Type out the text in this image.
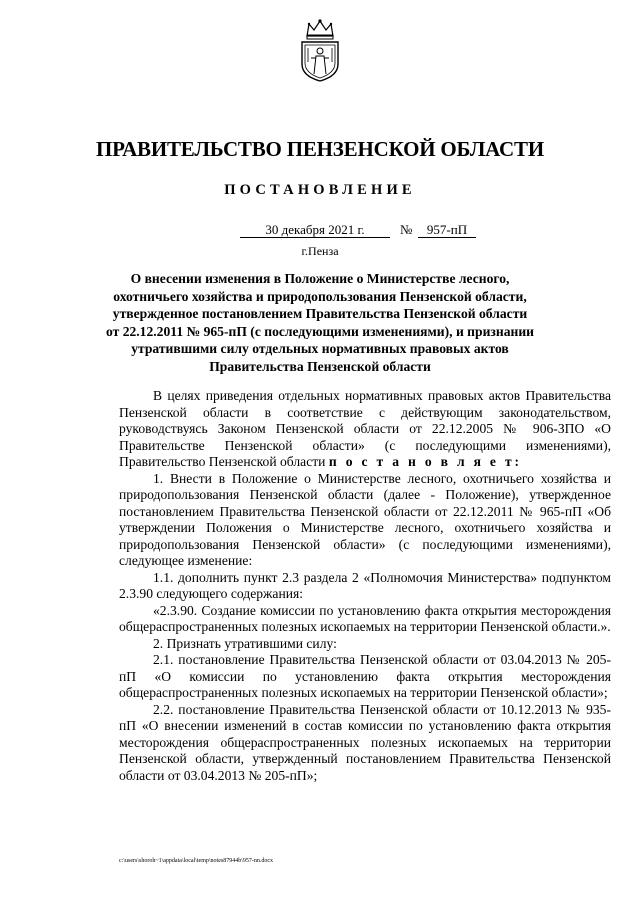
ПРАВИТЕЛЬСТВО ПЕНЗЕНСКОЙ ОБЛАСТИ
ПОСТАНОВЛЕНИЕ
30 декабря 2021 г.	№	957-пП
г.Пенза
О внесении изменения в Положение о Министерстве лесного,
охотничьего хозяйства и природопользования Пензенской области,
утвержденное постановлением Правительства Пензенской области
от 22.12.2011 № 965-пП (с последующими изменениями), и признании
утратившими силу отдельных нормативных правовых актов
Правительства Пензенской области

В целях приведения отдельных нормативных правовых актов Правительства Пензенской области в соответствие с действующим законодательством, руководствуясь Законом Пензенской области от 22.12.2005 № 906-ЗПО «О Правительстве Пензенской области» (с последующими изменениями), Правительство Пензенской области п о с т а н о в л я е т:

1. Внести в Положение о Министерстве лесного, охотничьего хозяйства и природопользования Пензенской области (далее - Положение), утвержденное постановлением Правительства Пензенской области от 22.12.2011 № 965-пП «Об утверждении Положения о Министерстве лесного, охотничьего хозяйства и природопользования Пензенской области» (с последующими изменениями), следующее изменение:

1.1. дополнить пункт 2.3 раздела 2 «Полномочия Министерства» подпунктом 2.3.90 следующего содержания:

«2.3.90. Создание комиссии по установлению факта открытия месторождения общераспространенных полезных ископаемых на территории Пензенской области.».

2. Признать утратившими силу:

2.1. постановление Правительства Пензенской области от 03.04.2013 № 205-пП «О комиссии по установлению факта открытия месторождения общераспространенных полезных ископаемых на территории Пензенской области»;

2.2. постановление Правительства Пензенской области от 10.12.2013 № 935-пП «О внесении изменений в состав комиссии по установлению факта открытия месторождения общераспространенных полезных ископаемых на территории Пензенской области, утвержденный постановлением Правительства Пензенской области от 03.04.2013 № 205-пП»;

c:\users\shoroh~1\appdata\local\temp\notes87944b\957-nn.docx
